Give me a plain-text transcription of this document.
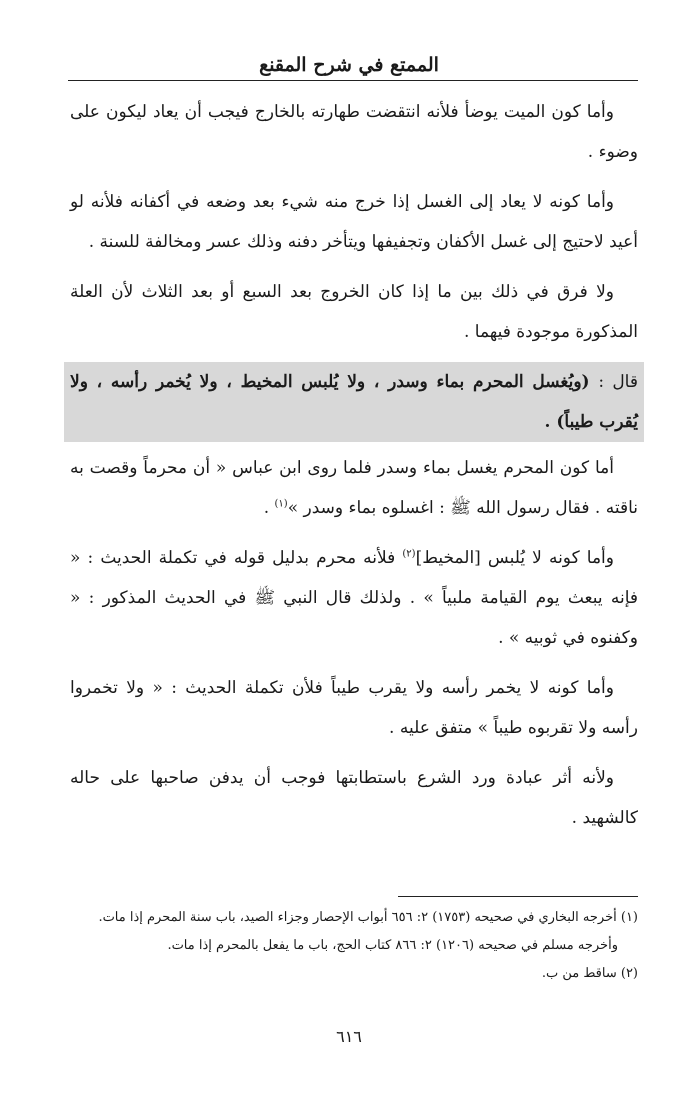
الممتع في شرح المقنع

وأما كون الميت يوضأ فلأنه انتقضت طهارته بالخارج فيجب أن يعاد ليكون على وضوء .

وأما كونه لا يعاد إلى الغسل إذا خرج منه شيء بعد وضعه في أكفانه فلأنه لو أعيد لاحتيج إلى غسل الأكفان وتجفيفها ويتأخر دفنه وذلك عسر ومخالفة للسنة .

ولا فرق في ذلك بين ما إذا كان الخروج بعد السبع أو بعد الثلاث لأن العلة المذكورة موجودة فيهما .

قال : (ويُغسل المحرم بماء وسدر ، ولا يُلبس المخيط ، ولا يُخمر رأسه ، ولا يُقرب طيباً) .

أما كون المحرم يغسل بماء وسدر فلما روى ابن عباس « أن محرماً وقصت به ناقته . فقال رسول الله ﷺ : اغسلوه بماء وسدر »$^{(١)}$ .

وأما كونه لا يُلبس [المخيط]$^{(٢)}$ فلأنه محرم بدليل قوله في تكملة الحديث : « فإنه يبعث يوم القيامة ملبياً » . ولذلك قال النبي ﷺ في الحديث المذكور : « وكفنوه في ثوبيه » .

وأما كونه لا يخمر رأسه ولا يقرب طيباً فلأن تكملة الحديث : « ولا تخمروا رأسه ولا تقربوه طيباً » متفق عليه .

ولأنه أثر عبادة ورد الشرع باستطابتها فوجب أن يدفن صاحبها على حاله كالشهيد .

(١) أخرجه البخاري في صحيحه (١٧٥٣) ٢: ٦٥٦ أبواب الإحصار وجزاء الصيد، باب سنة المحرم إذا مات.

وأخرجه مسلم في صحيحه (١٢٠٦) ٢: ٨٦٦ كتاب الحج، باب ما يفعل بالمحرم إذا مات.

(٢) ساقط من ب.

٦١٦
